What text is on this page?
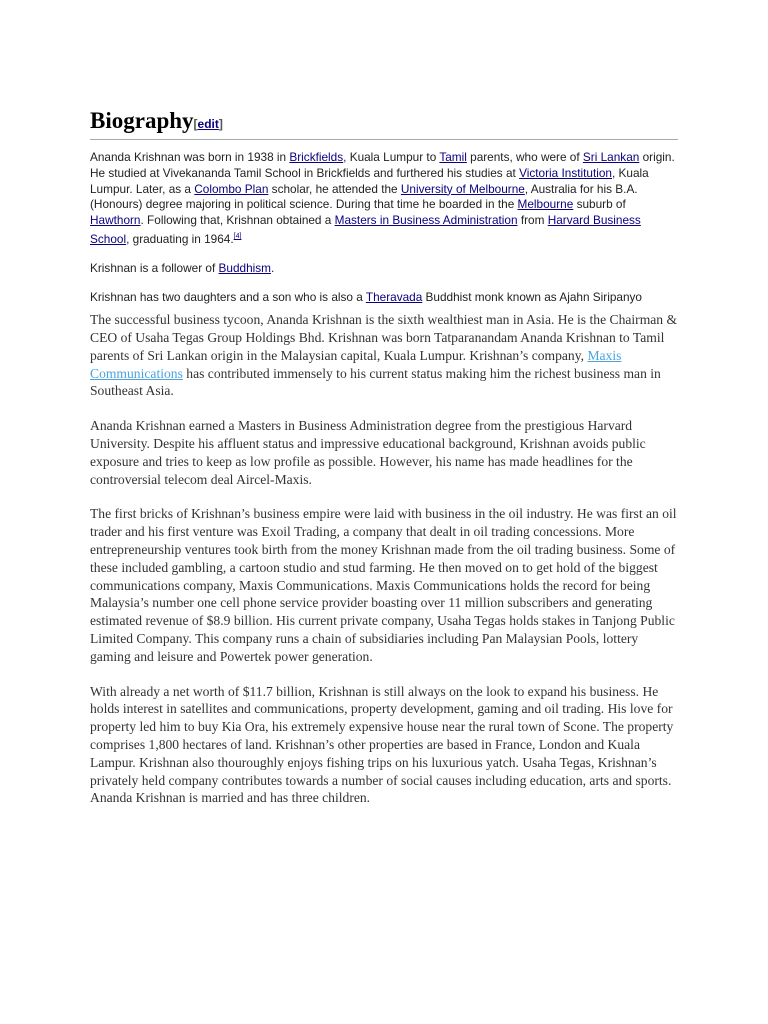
Biography[edit]

Ananda Krishnan was born in 1938 in Brickfields, Kuala Lumpur to Tamil parents, who were of Sri Lankan origin. He studied at Vivekananda Tamil School in Brickfields and furthered his studies at Victoria Institution, Kuala Lumpur. Later, as a Colombo Plan scholar, he attended the University of Melbourne, Australia for his B.A. (Honours) degree majoring in political science. During that time he boarded in the Melbourne suburb of Hawthorn. Following that, Krishnan obtained a Masters in Business Administration from Harvard Business School, graduating in 1964.[4]

Krishnan is a follower of Buddhism.

Krishnan has two daughters and a son who is also a Theravada Buddhist monk known as Ajahn Siripanyo

The successful business tycoon, Ananda Krishnan is the sixth wealthiest man in Asia. He is the Chairman & CEO of Usaha Tegas Group Holdings Bhd. Krishnan was born Tatparanandam Ananda Krishnan to Tamil parents of Sri Lankan origin in the Malaysian capital, Kuala Lumpur. Krishnan’s company, Maxis Communications has contributed immensely to his current status making him the richest business man in Southeast Asia.

Ananda Krishnan earned a Masters in Business Administration degree from the prestigious Harvard University. Despite his affluent status and impressive educational background, Krishnan avoids public exposure and tries to keep as low profile as possible. However, his name has made headlines for the controversial telecom deal Aircel-Maxis.

The first bricks of Krishnan’s business empire were laid with business in the oil industry. He was first an oil trader and his first venture was Exoil Trading, a company that dealt in oil trading concessions. More entrepreneurship ventures took birth from the money Krishnan made from the oil trading business. Some of these included gambling, a cartoon studio and stud farming. He then moved on to get hold of the biggest communications company, Maxis Communications. Maxis Communications holds the record for being Malaysia’s number one cell phone service provider boasting over 11 million subscribers and generating estimated revenue of $8.9 billion. His current private company, Usaha Tegas holds stakes in Tanjong Public Limited Company. This company runs a chain of subsidiaries including Pan Malaysian Pools, lottery gaming and leisure and Powertek power generation.

With already a net worth of $11.7 billion, Krishnan is still always on the look to expand his business. He holds interest in satellites and communications, property development, gaming and oil trading. His love for property led him to buy Kia Ora, his extremely expensive house near the rural town of Scone. The property comprises 1,800 hectares of land. Krishnan’s other properties are based in France, London and Kuala Lampur. Krishnan also thouroughly enjoys fishing trips on his luxurious yatch. Usaha Tegas, Krishnan’s privately held company contributes towards a number of social causes including education, arts and sports. Ananda Krishnan is married and has three children.
